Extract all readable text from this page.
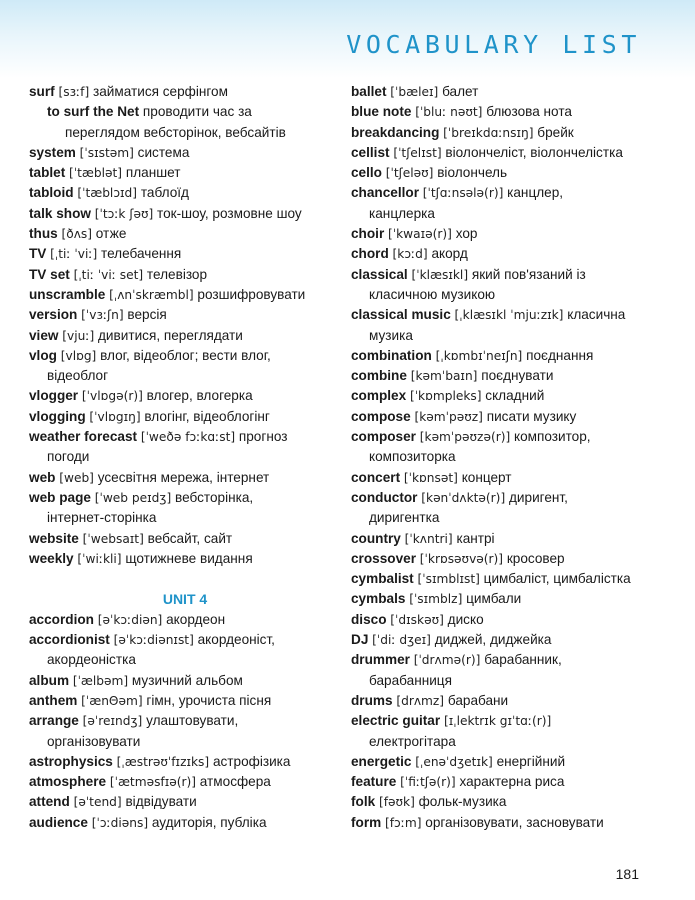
VOCABULARY LIST
surf [sɜːf] займатися серфінгом
to surf the Net проводити час за
переглядом вебсторінок, вебсайтів
system [ˈsɪstəm] система
tablet [ˈtæblət] планшет
tabloid [ˈtæblɔɪd] таблоїд
talk show [ˈtɔːk ʃəʊ] ток-шоу, розмовне шоу
thus [ðʌs] отже
TV [ˌtiː ˈviː] телебачення
TV set [ˌtiː ˈviː set] телевізор
unscramble [ˌʌnˈskræmbl] розшифровувати
version [ˈvɜːʃn] версія
view [vjuː] дивитися, переглядати
vlog [vlɒg] влог, відеоблог; вести влог,
відеоблог
vlogger [ˈvlɒgə(r)] влогер, влогерка
vlogging [ˈvlɒgɪŋ] влогінг, відеоблогінг
weather forecast [ˈweðə fɔːkɑːst] прогноз
погоди
web [web] усесвітня мережа, інтернет
web page [ˈweb peɪdʒ] вебсторінка,
інтернет-сторінка
website [ˈwebsaɪt] вебсайт, сайт
weekly [ˈwiːkli] щотижневе видання
UNIT 4
accordion [əˈkɔːdiən] акордеон
accordionist [əˈkɔːdiənɪst] акордеоніст,
акордеоністка
album [ˈælbəm] музичний альбом
anthem [ˈænΘəm] гімн, урочиста пісня
arrange [əˈreɪndʒ] улаштовувати,
організовувати
astrophysics [ˌæstrəʊˈfɪzɪks] астрофізика
atmosphere [ˈætməsfɪə(r)] атмосфера
attend [əˈtend] відвідувати
audience [ˈɔːdiəns] аудиторія, публіка
ballet [ˈbæleɪ] балет
blue note [ˈbluː nəʊt] блюзова нота
breakdancing [ˈbreɪkdɑːnsɪŋ] брейк
cellist [ˈtʃelɪst] віолончеліст, віолончелістка
cello [ˈtʃeləʊ] віолончель
chancellor [ˈtʃɑːnsələ(r)] канцлер,
канцлерка
choir [ˈkwaɪə(r)] хор
chord [kɔːd] акорд
classical [ˈklæsɪkl] який пов'язаний із
класичною музикою
classical music [ˌklæsɪkl ˈmjuːzɪk] класична
музика
combination [ˌkɒmbɪˈneɪʃn] поєднання
combine [kəmˈbaɪn] поєднувати
complex [ˈkɒmpleks] складний
compose [kəmˈpəʊz] писати музику
composer [kəmˈpəʊzə(r)] композитор,
композиторка
concert [ˈkɒnsət] концерт
conductor [kənˈdʌktə(r)] диригент,
диригентка
country [ˈkʌntri] кантрі
crossover [ˈkrɒsəʊvə(r)] кросовер
cymbalist [ˈsɪmblɪst] цимбаліст, цимбалістка
cymbals [ˈsɪmblz] цимбали
disco [ˈdɪskəʊ] диско
DJ [ˈdiː dʒeɪ] диджей, диджейка
drummer [ˈdrʌmə(r)] барабанник,
барабанниця
drums [drʌmz] барабани
electric guitar [ɪˌlektrɪk gɪˈtɑː(r)]
електрогітара
energetic [ˌenəˈdʒetɪk] енергійний
feature [ˈfiːtʃə(r)] характерна риса
folk [fəʊk] фольк-музика
form [fɔːm] організовувати, засновувати
181
